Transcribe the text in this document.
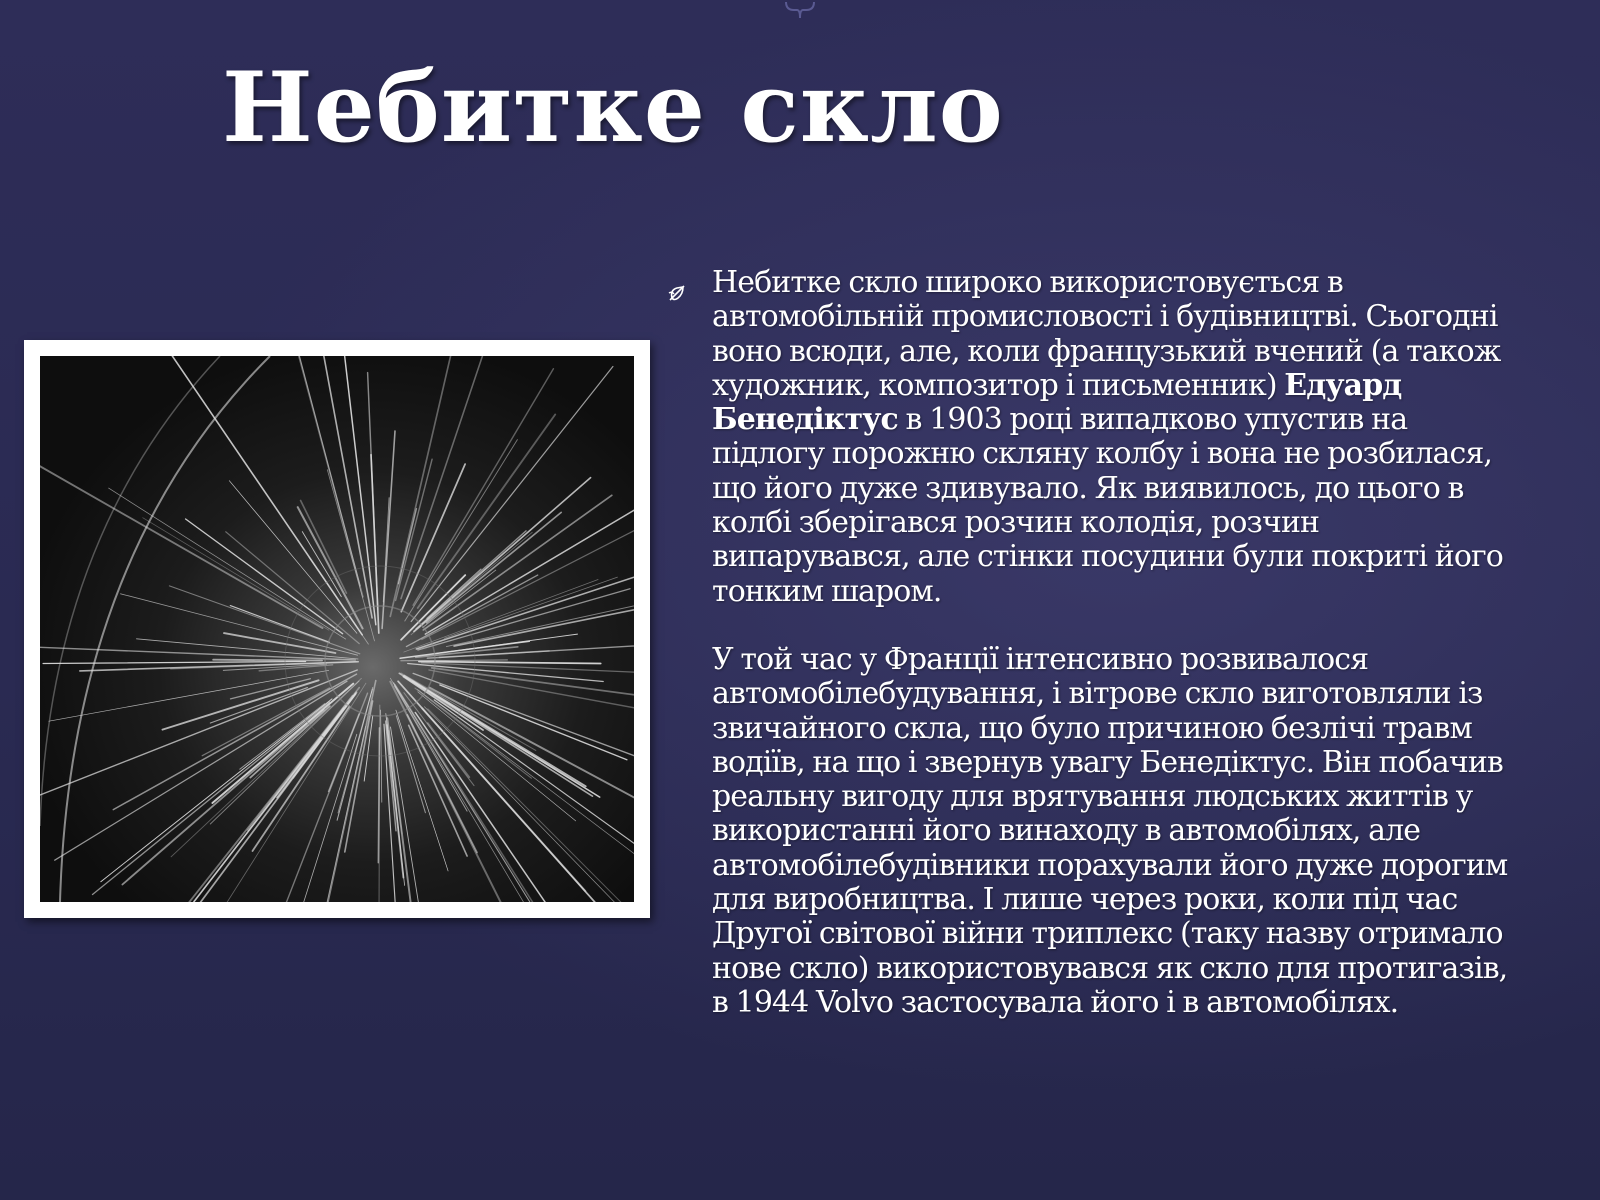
Небитке скло

Небитке скло широко використовується в автомобільній промисловості і будівництві. Сьогодні воно всюди, але, коли французький вчений (а також художник, композитор і письменник) Едуард Бенедіктус в 1903 році випадково упустив на підлогу порожню скляну колбу і вона не розбилася, що його дуже здивувало. Як виявилось, до цього в колбі зберігався розчин колодія, розчин випарувався, але стінки посудини були покриті його тонким шаром.

У той час у Франції інтенсивно розвивалося автомобілебудування, і вітрове скло виготовляли із звичайного скла, що було причиною безлічі травм водіїв, на що і звернув увагу Бенедіктус. Він побачив реальну вигоду для врятування людських життів у використанні його винаходу в автомобілях, але автомобілебудівники порахували його дуже дорогим для виробництва. І лише через роки, коли під час Другої світової війни триплекс (таку назву отримало нове скло) використовувався як скло для протигазів, в 1944 Volvo застосувала його і в автомобілях.
